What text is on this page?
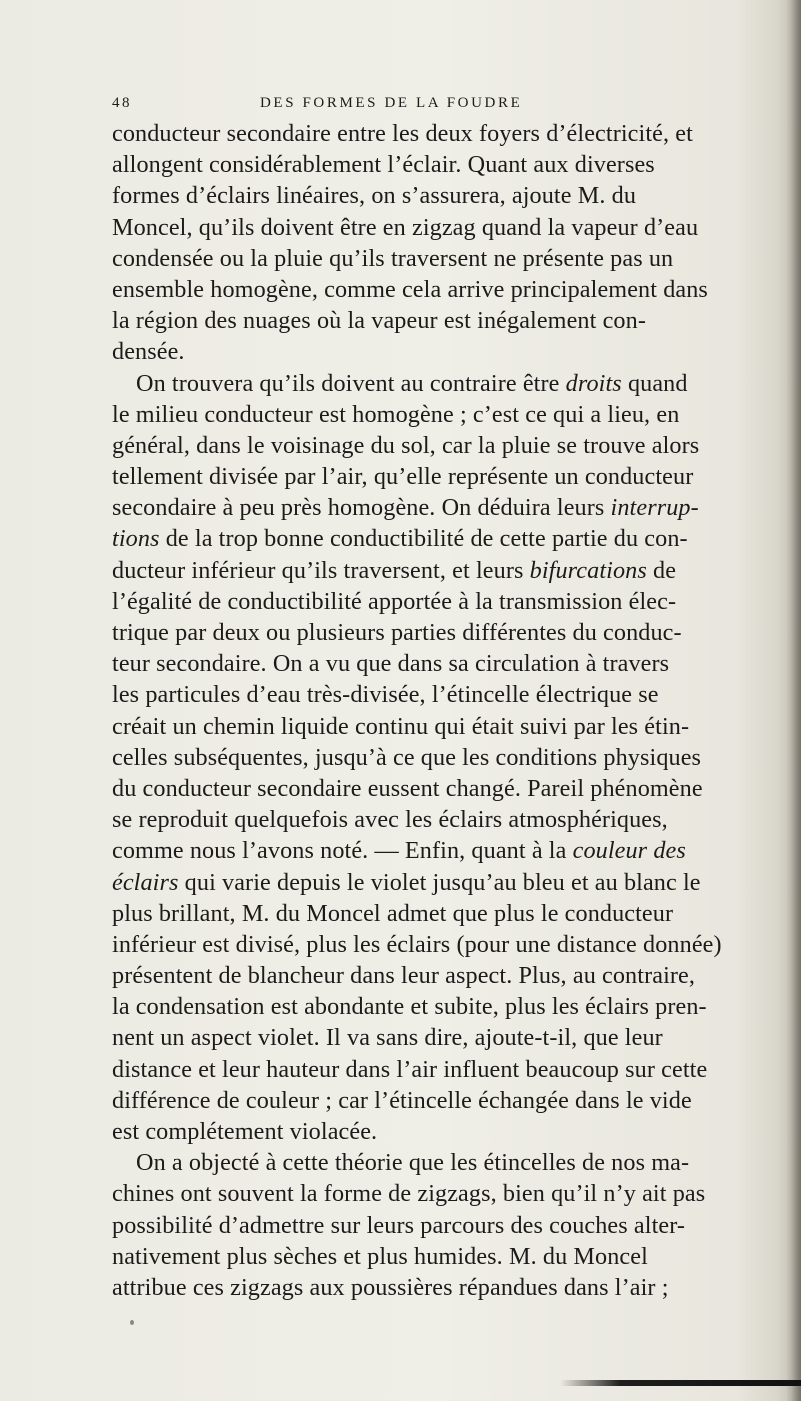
48	DES FORMES DE LA FOUDRE
conducteur secondaire entre les deux foyers d’électricité, et
allongent considérablement l’éclair. Quant aux diverses
formes d’éclairs linéaires, on s’assurera, ajoute M. du
Moncel, qu’ils doivent être en zigzag quand la vapeur d’eau
condensée ou la pluie qu’ils traversent ne présente pas un
ensemble homogène, comme cela arrive principalement dans
la région des nuages où la vapeur est inégalement con-
densée.
On trouvera qu’ils doivent au contraire être droits quand
le milieu conducteur est homogène ; c’est ce qui a lieu, en
général, dans le voisinage du sol, car la pluie se trouve alors
tellement divisée par l’air, qu’elle représente un conducteur
secondaire à peu près homogène. On déduira leurs interrup-
tions de la trop bonne conductibilité de cette partie du con-
ducteur inférieur qu’ils traversent, et leurs bifurcations de
l’égalité de conductibilité apportée à la transmission élec-
trique par deux ou plusieurs parties différentes du conduc-
teur secondaire. On a vu que dans sa circulation à travers
les particules d’eau très-divisée, l’étincelle électrique se
créait un chemin liquide continu qui était suivi par les étin-
celles subséquentes, jusqu’à ce que les conditions physiques
du conducteur secondaire eussent changé. Pareil phénomène
se reproduit quelquefois avec les éclairs atmosphériques,
comme nous l’avons noté. — Enfin, quant à la couleur des
éclairs qui varie depuis le violet jusqu’au bleu et au blanc le
plus brillant, M. du Moncel admet que plus le conducteur
inférieur est divisé, plus les éclairs (pour une distance donnée)
présentent de blancheur dans leur aspect. Plus, au contraire,
la condensation est abondante et subite, plus les éclairs pren-
nent un aspect violet. Il va sans dire, ajoute-t-il, que leur
distance et leur hauteur dans l’air influent beaucoup sur cette
différence de couleur ; car l’étincelle échangée dans le vide
est complétement violacée.
On a objecté à cette théorie que les étincelles de nos ma-
chines ont souvent la forme de zigzags, bien qu’il n’y ait pas
possibilité d’admettre sur leurs parcours des couches alter-
nativement plus sèches et plus humides. M. du Moncel
attribue ces zigzags aux poussières répandues dans l’air ;
